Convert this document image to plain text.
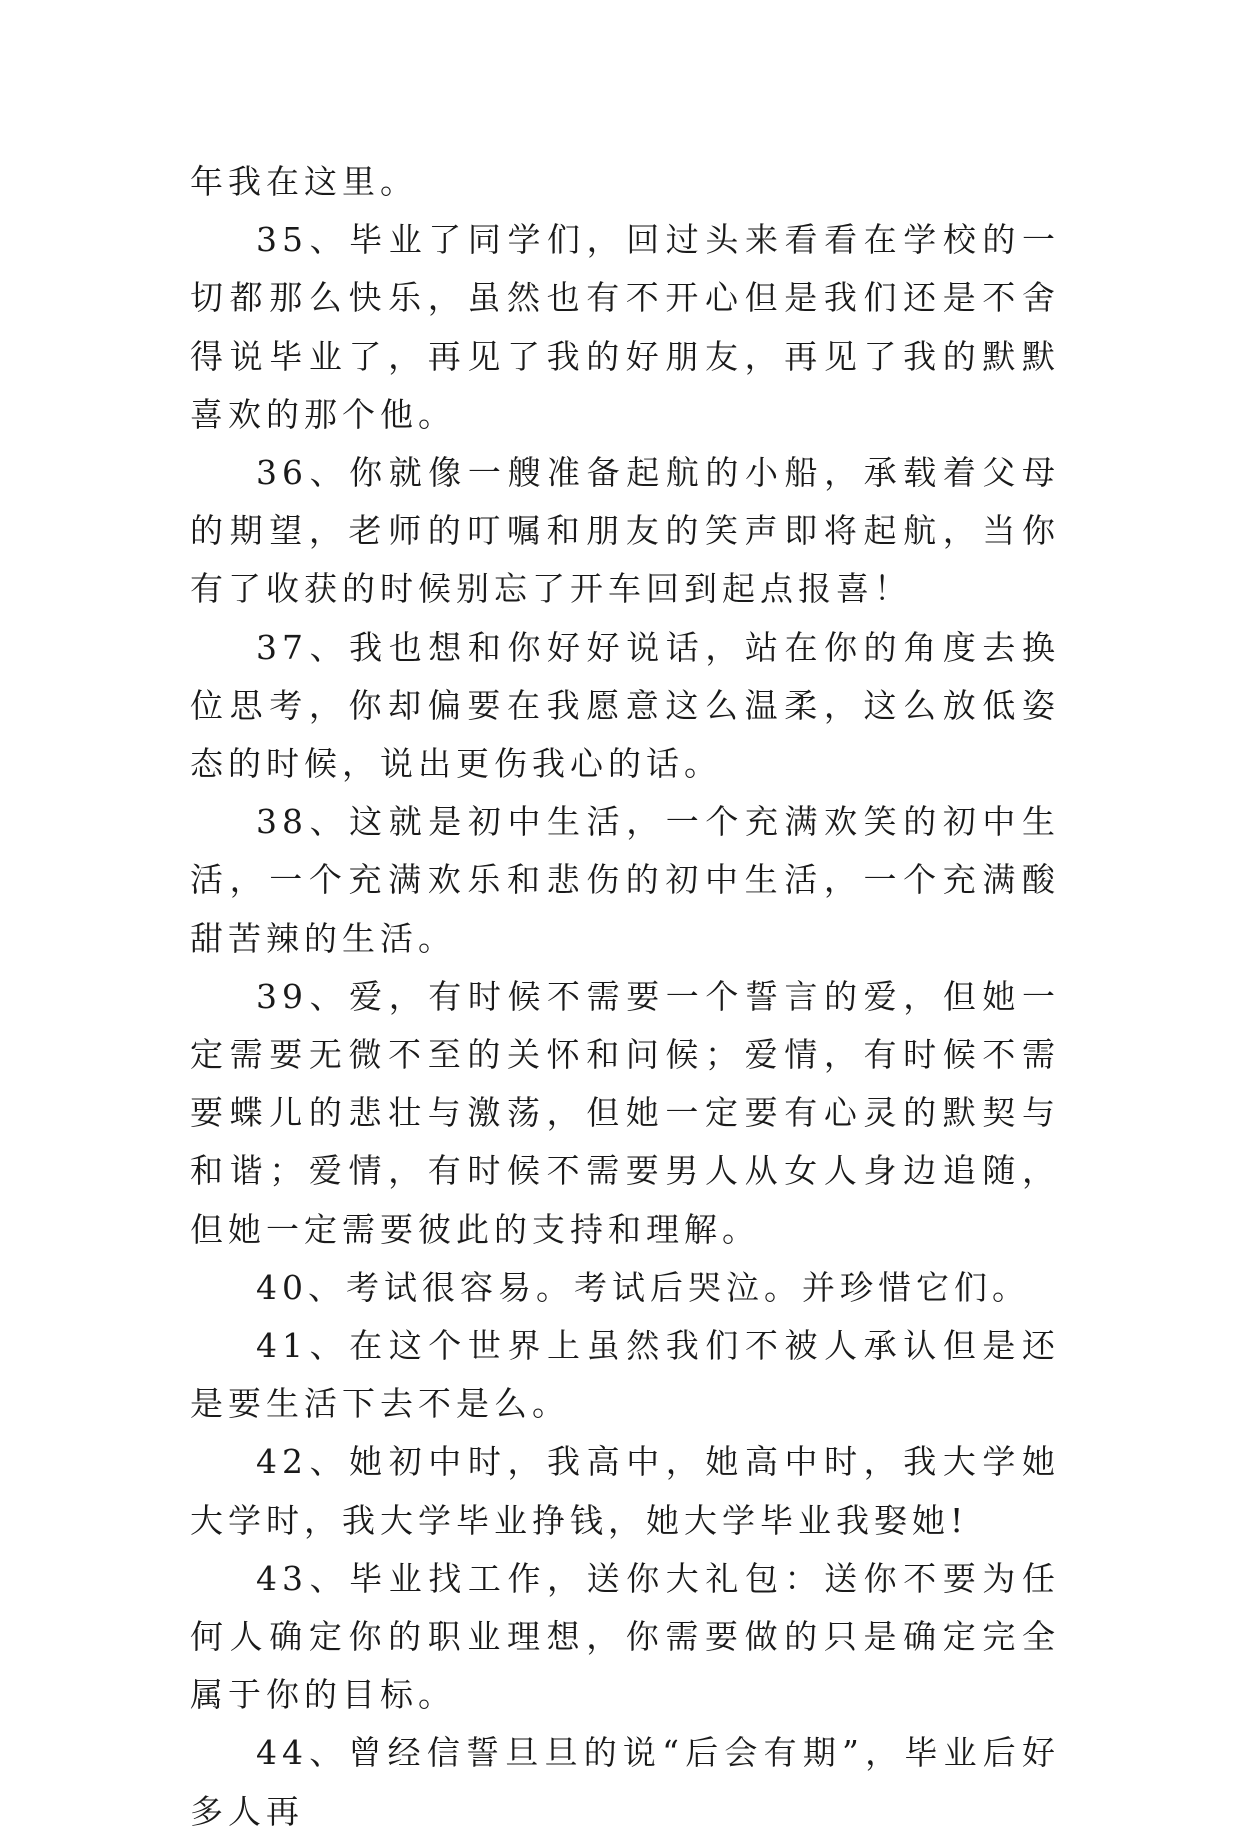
年我在这里。

35、毕业了同学们，回过头来看看在学校的一切都那么快乐，虽然也有不开心但是我们还是不舍得说毕业了，再见了我的好朋友，再见了我的默默喜欢的那个他。

36、你就像一艘准备起航的小船，承载着父母的期望，老师的叮嘱和朋友的笑声即将起航，当你有了收获的时候别忘了开车回到起点报喜！

37、我也想和你好好说话，站在你的角度去换位思考，你却偏要在我愿意这么温柔，这么放低姿态的时候，说出更伤我心的话。

38、这就是初中生活，一个充满欢笑的初中生活，一个充满欢乐和悲伤的初中生活，一个充满酸甜苦辣的生活。

39、爱，有时候不需要一个誓言的爱，但她一定需要无微不至的关怀和问候；爱情，有时候不需要蝶儿的悲壮与激荡，但她一定要有心灵的默契与和谐；爱情，有时候不需要男人从女人身边追随，但她一定需要彼此的支持和理解。

40、考试很容易。考试后哭泣。并珍惜它们。

41、在这个世界上虽然我们不被人承认但是还是要生活下去不是么。

42、她初中时，我高中，她高中时，我大学她大学时，我大学毕业挣钱，她大学毕业我娶她!

43、毕业找工作，送你大礼包：送你不要为任何人确定你的职业理想，你需要做的只是确定完全属于你的目标。

44、曾经信誓旦旦的说“后会有期”，毕业后好多人再
